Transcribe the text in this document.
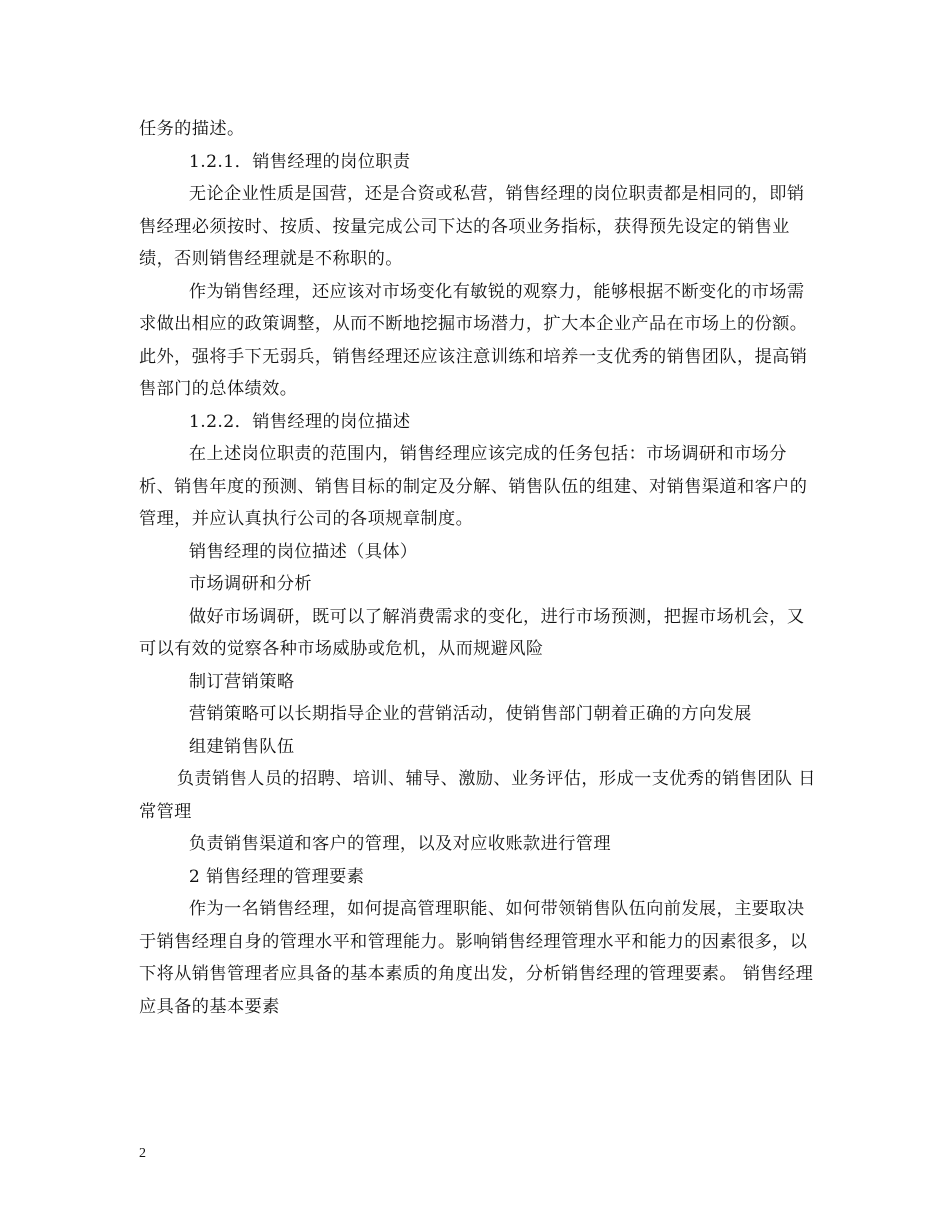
任务的描述。

1.2.1．销售经理的岗位职责

无论企业性质是国营，还是合资或私营，销售经理的岗位职责都是相同的，即销售经理必须按时、按质、按量完成公司下达的各项业务指标，获得预先设定的销售业绩，否则销售经理就是不称职的。

作为销售经理，还应该对市场变化有敏锐的观察力，能够根据不断变化的市场需求做出相应的政策调整，从而不断地挖掘市场潜力，扩大本企业产品在市场上的份额。此外，强将手下无弱兵，销售经理还应该注意训练和培养一支优秀的销售团队，提高销售部门的总体绩效。

1.2.2．销售经理的岗位描述

在上述岗位职责的范围内，销售经理应该完成的任务包括：市场调研和市场分析、销售年度的预测、销售目标的制定及分解、销售队伍的组建、对销售渠道和客户的管理，并应认真执行公司的各项规章制度。

销售经理的岗位描述（具体）

市场调研和分析

做好市场调研，既可以了解消费需求的变化，进行市场预测，把握市场机会，又可以有效的觉察各种市场威胁或危机，从而规避风险

制订营销策略

营销策略可以长期指导企业的营销活动，使销售部门朝着正确的方向发展

组建销售队伍

负责销售人员的招聘、培训、辅导、激励、业务评估，形成一支优秀的销售团队 日常管理

负责销售渠道和客户的管理，以及对应收账款进行管理

2 销售经理的管理要素

作为一名销售经理，如何提高管理职能、如何带领销售队伍向前发展，主要取决于销售经理自身的管理水平和管理能力。影响销售经理管理水平和能力的因素很多，以下将从销售管理者应具备的基本素质的角度出发，分析销售经理的管理要素。 销售经理应具备的基本要素

2
